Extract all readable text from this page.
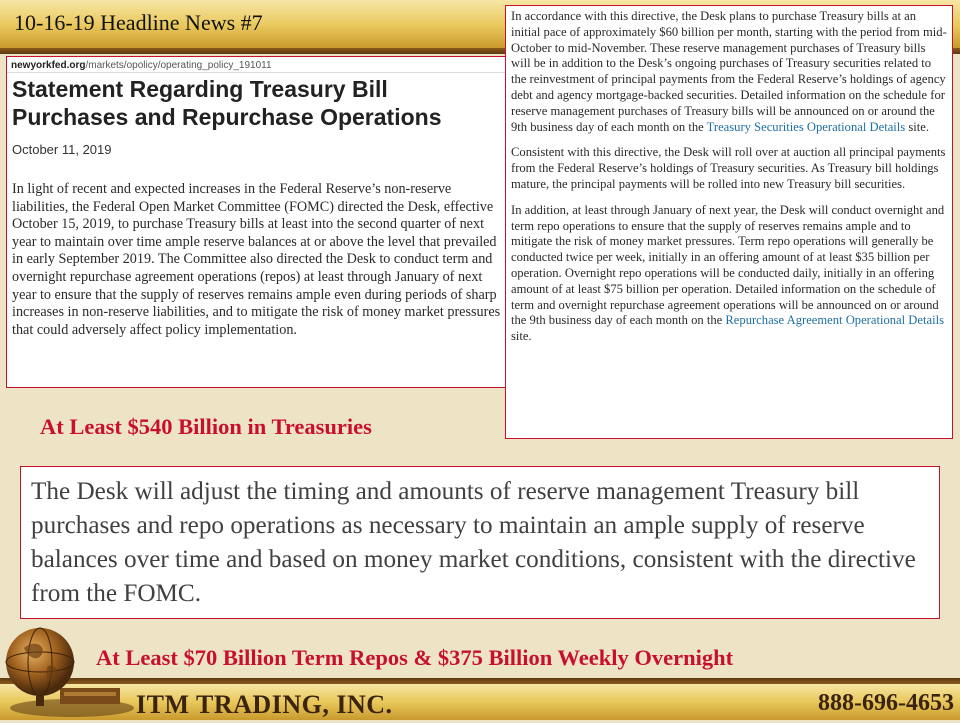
10-16-19 Headline News #7
newyorkfed.org/markets/opolicy/operating_policy_191011
Statement Regarding Treasury Bill Purchases and Repurchase Operations
October 11, 2019
In light of recent and expected increases in the Federal Reserve’s non-reserve liabilities, the Federal Open Market Committee (FOMC) directed the Desk, effective October 15, 2019, to purchase Treasury bills at least into the second quarter of next year to maintain over time ample reserve balances at or above the level that prevailed in early September 2019. The Committee also directed the Desk to conduct term and overnight repurchase agreement operations (repos) at least through January of next year to ensure that the supply of reserves remains ample even during periods of sharp increases in non-reserve liabilities, and to mitigate the risk of money market pressures that could adversely affect policy implementation.

In accordance with this directive, the Desk plans to purchase Treasury bills at an initial pace of approximately $60 billion per month, starting with the period from mid-October to mid-November. These reserve management purchases of Treasury bills will be in addition to the Desk’s ongoing purchases of Treasury securities related to the reinvestment of principal payments from the Federal Reserve’s holdings of agency debt and agency mortgage-backed securities. Detailed information on the schedule for reserve management purchases of Treasury bills will be announced on or around the 9th business day of each month on the Treasury Securities Operational Details site.

Consistent with this directive, the Desk will roll over at auction all principal payments from the Federal Reserve’s holdings of Treasury securities. As Treasury bill holdings mature, the principal payments will be rolled into new Treasury bill securities.

In addition, at least through January of next year, the Desk will conduct overnight and term repo operations to ensure that the supply of reserves remains ample and to mitigate the risk of money market pressures. Term repo operations will generally be conducted twice per week, initially in an offering amount of at least $35 billion per operation. Overnight repo operations will be conducted daily, initially in an offering amount of at least $75 billion per operation. Detailed information on the schedule of term and overnight repurchase agreement operations will be announced on or around the 9th business day of each month on the Repurchase Agreement Operational Details site.

At Least $540 Billion in Treasuries
The Desk will adjust the timing and amounts of reserve management Treasury bill purchases and repo operations as necessary to maintain an ample supply of reserve balances over time and based on money market conditions, consistent with the directive from the FOMC.
At Least $70 Billion Term Repos & $375 Billion Weekly Overnight
ITM TRADING, INC.	888-696-4653
